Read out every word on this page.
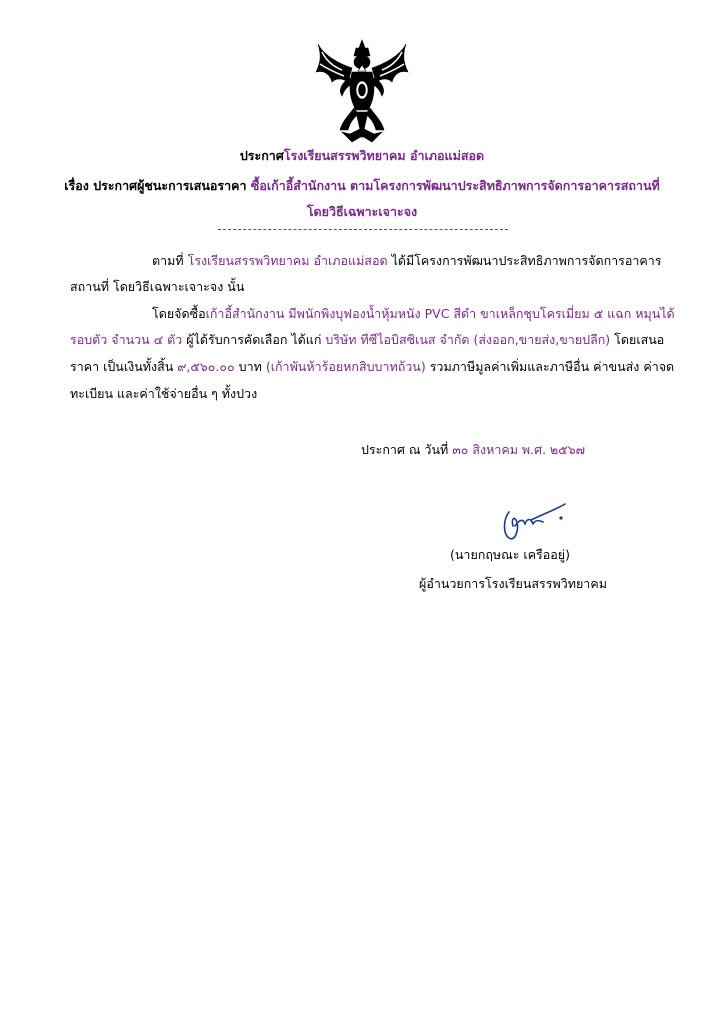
ประกาศโรงเรียนสรรพวิทยาคม อำเภอแม่สอด
เรื่อง ประกาศผู้ชนะการเสนอราคา ซื้อเก้าอี้สำนักงาน ตามโครงการพัฒนาประสิทธิภาพการจัดการอาคารสถานที่
โดยวิธีเฉพาะเจาะจง
ตามที่ โรงเรียนสรรพวิทยาคม อำเภอแม่สอด ได้มีโครงการพัฒนาประสิทธิภาพการจัดการอาคาร
สถานที่ โดยวิธีเฉพาะเจาะจง นั้น
โดยจัดซื้อเก้าอี้สำนักงาน มีพนักพิงบุฟองน้ำหุ้มหนัง PVC สีดำ ขาเหล็กชุบโครเมี่ยม ๕ แฉก หมุนได้
รอบตัว จำนวน ๔ ตัว ผู้ได้รับการคัดเลือก ได้แก่ บริษัท ทีซีไอบิสซิเนส จำกัด (ส่งออก,ขายส่ง,ขายปลีก) โดยเสนอ
ราคา เป็นเงินทั้งสิ้น ๙,๕๖๐.๐๐ บาท (เก้าพันห้าร้อยหกสิบบาทถ้วน) รวมภาษีมูลค่าเพิ่มและภาษีอื่น ค่าขนส่ง ค่าจด
ทะเบียน และค่าใช้จ่ายอื่น ๆ ทั้งปวง
ประกาศ ณ วันที่ ๓๐ สิงหาคม พ.ศ. ๒๕๖๗
(นายกฤษณะ เครืออยู่)
ผู้อำนวยการโรงเรียนสรรพวิทยาคม
